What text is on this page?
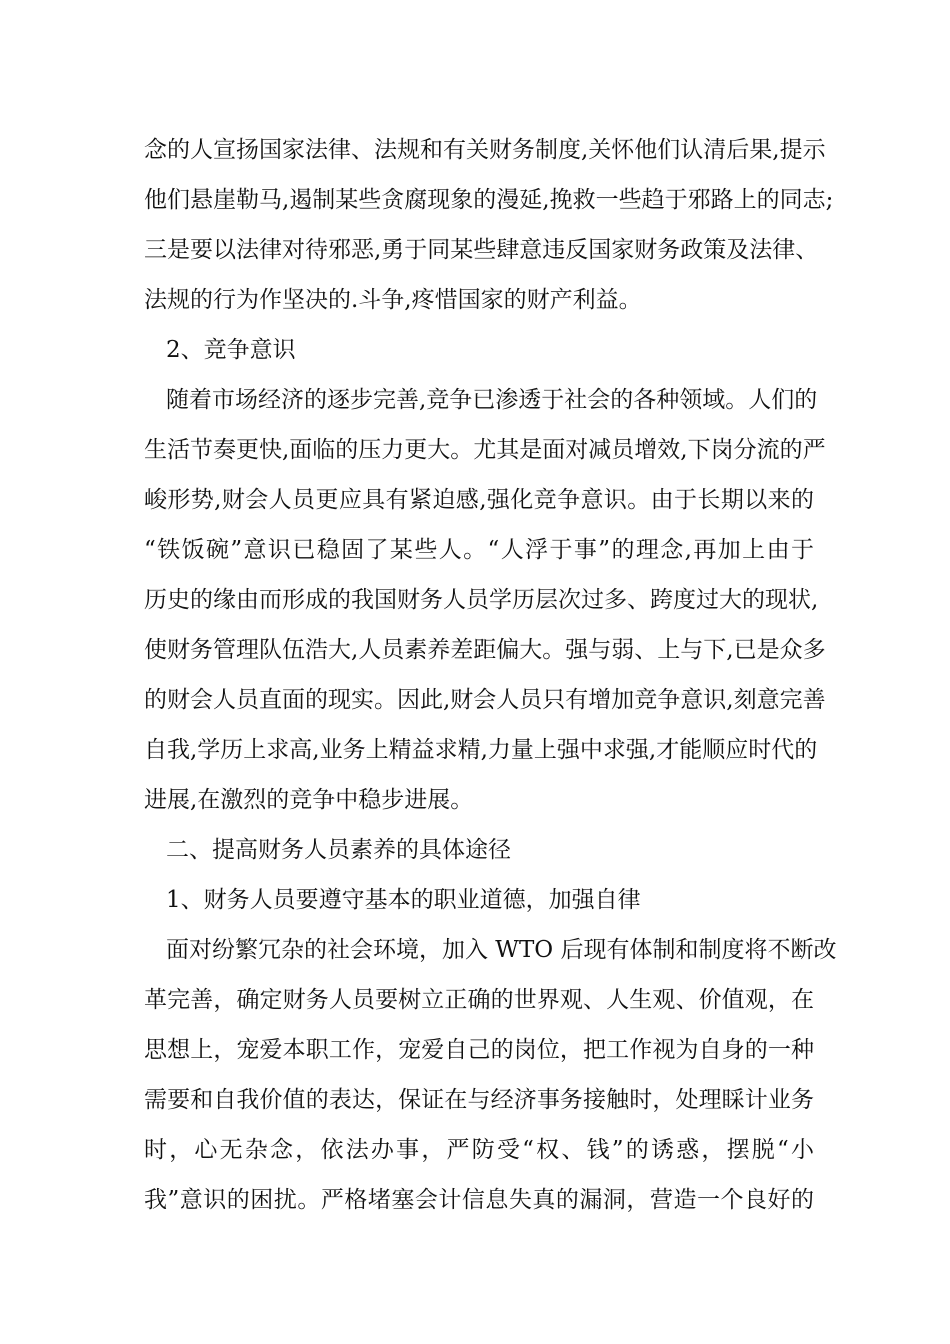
念的人宣扬国家法律、法规和有关财务制度,关怀他们认清后果,提示
他们悬崖勒马,遏制某些贪腐现象的漫延,挽救一些趋于邪路上的同志;
三是要以法律对待邪恶,勇于同某些肆意违反国家财务政策及法律、
法规的行为作坚决的.斗争,疼惜国家的财产利益。
2、竞争意识
随着市场经济的逐步完善,竞争已渗透于社会的各种领域。人们的
生活节奏更快,面临的压力更大。尤其是面对减员增效,下岗分流的严
峻形势,财会人员更应具有紧迫感,强化竞争意识。由于长期以来的
“铁饭碗”意识已稳固了某些人。“人浮于事”的理念,再加上由于
历史的缘由而形成的我国财务人员学历层次过多、跨度过大的现状,
使财务管理队伍浩大,人员素养差距偏大。强与弱、上与下,已是众多
的财会人员直面的现实。因此,财会人员只有增加竞争意识,刻意完善
自我,学历上求高,业务上精益求精,力量上强中求强,才能顺应时代的
进展,在激烈的竞争中稳步进展。
二、提高财务人员素养的具体途径
1、财务人员要遵守基本的职业道德，加强自律
面对纷繁冗杂的社会环境，加入 WTO 后现有体制和制度将不断改
革完善，确定财务人员要树立正确的世界观、人生观、价值观，在
思想上，宠爱本职工作，宠爱自己的岗位，把工作视为自身的一种
需要和自我价值的表达，保证在与经济事务接触时，处理睬计业务
时，心无杂念，依法办事，严防受“权、钱”的诱惑，摆脱“小
我”意识的困扰。严格堵塞会计信息失真的漏洞，营造一个良好的
